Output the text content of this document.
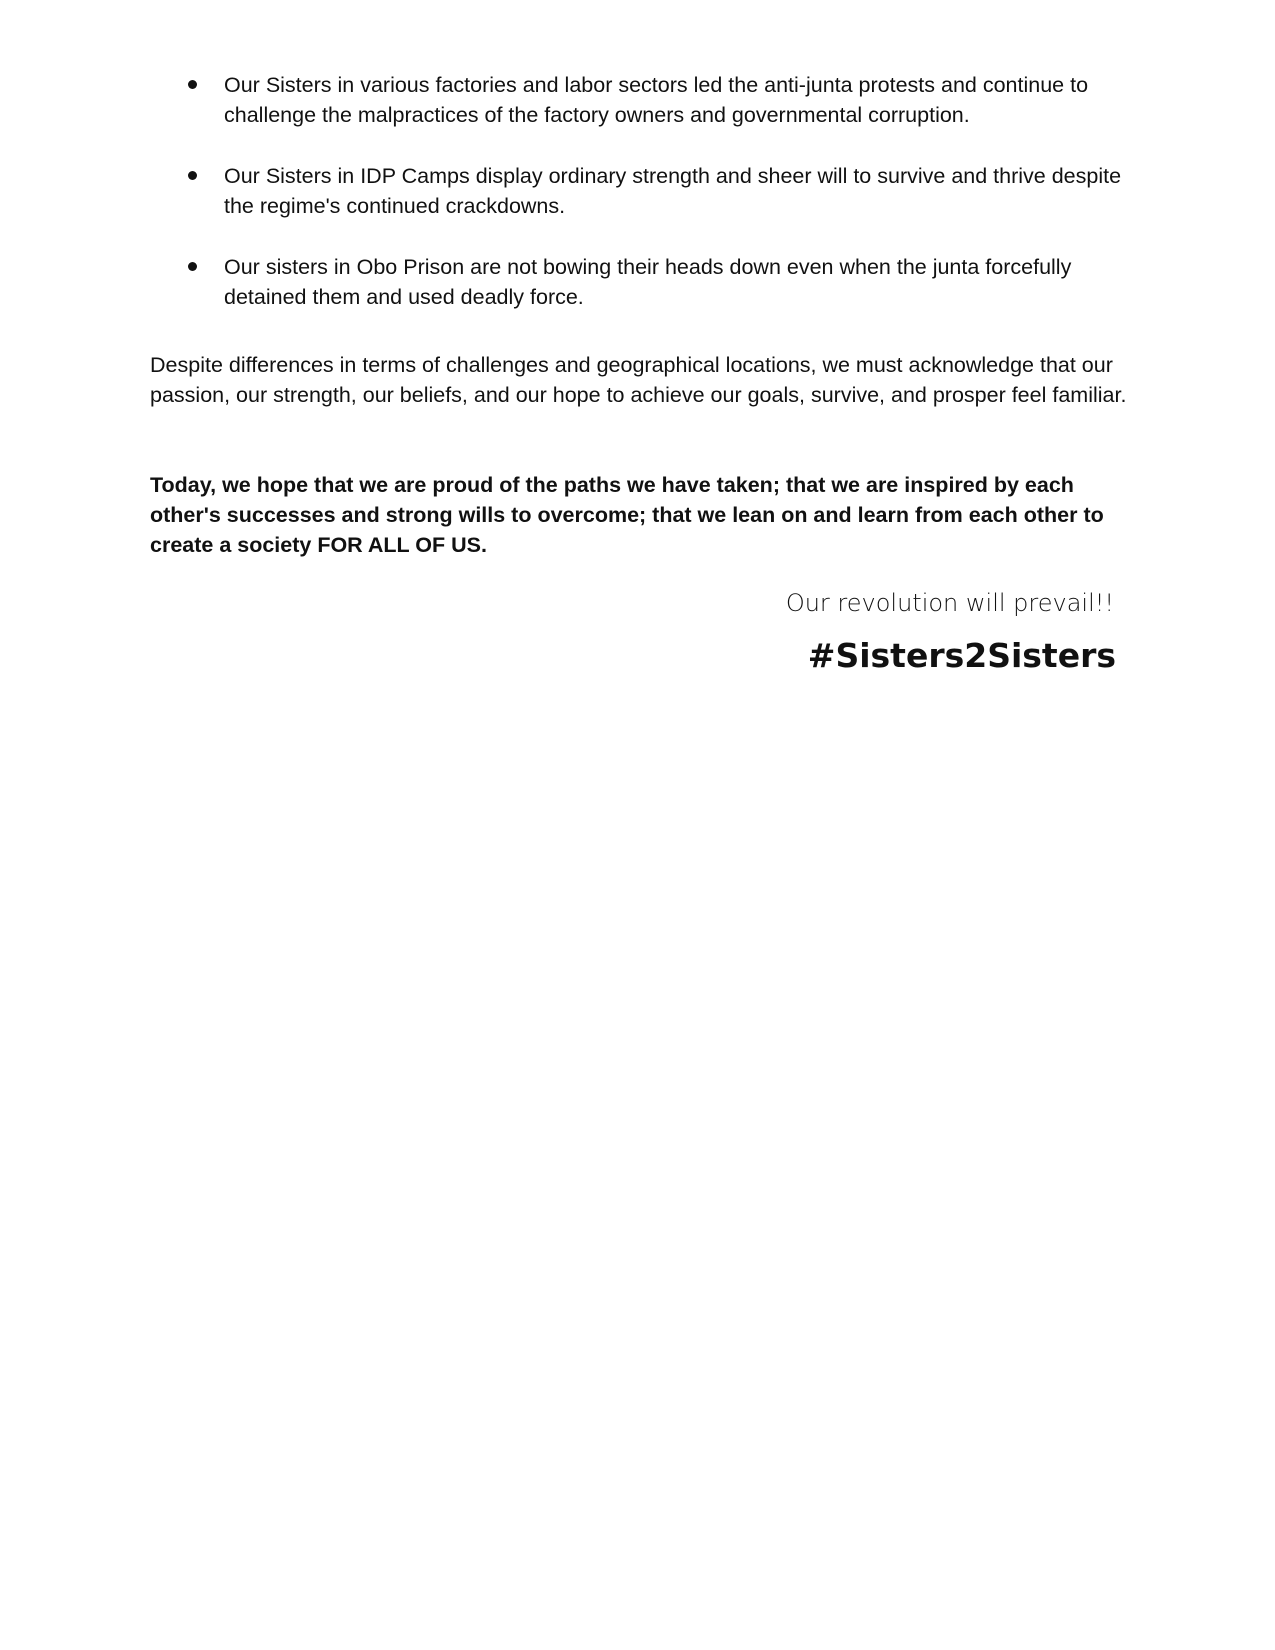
Our Sisters in various factories and labor sectors led the anti-junta protests and continue to challenge the malpractices of the factory owners and governmental corruption.
Our Sisters in IDP Camps display ordinary strength and sheer will to survive and thrive despite the regime's continued crackdowns.
Our sisters in Obo Prison are not bowing their heads down even when the junta forcefully detained them and used deadly force.

Despite differences in terms of challenges and geographical locations, we must acknowledge that our passion, our strength, our beliefs, and our hope to achieve our goals, survive, and prosper feel familiar.

Today, we hope that we are proud of the paths we have taken; that we are inspired by each other's successes and strong wills to overcome; that we lean on and learn from each other to create a society FOR ALL OF US.

Our revolution will prevail!!
#Sisters2Sisters
